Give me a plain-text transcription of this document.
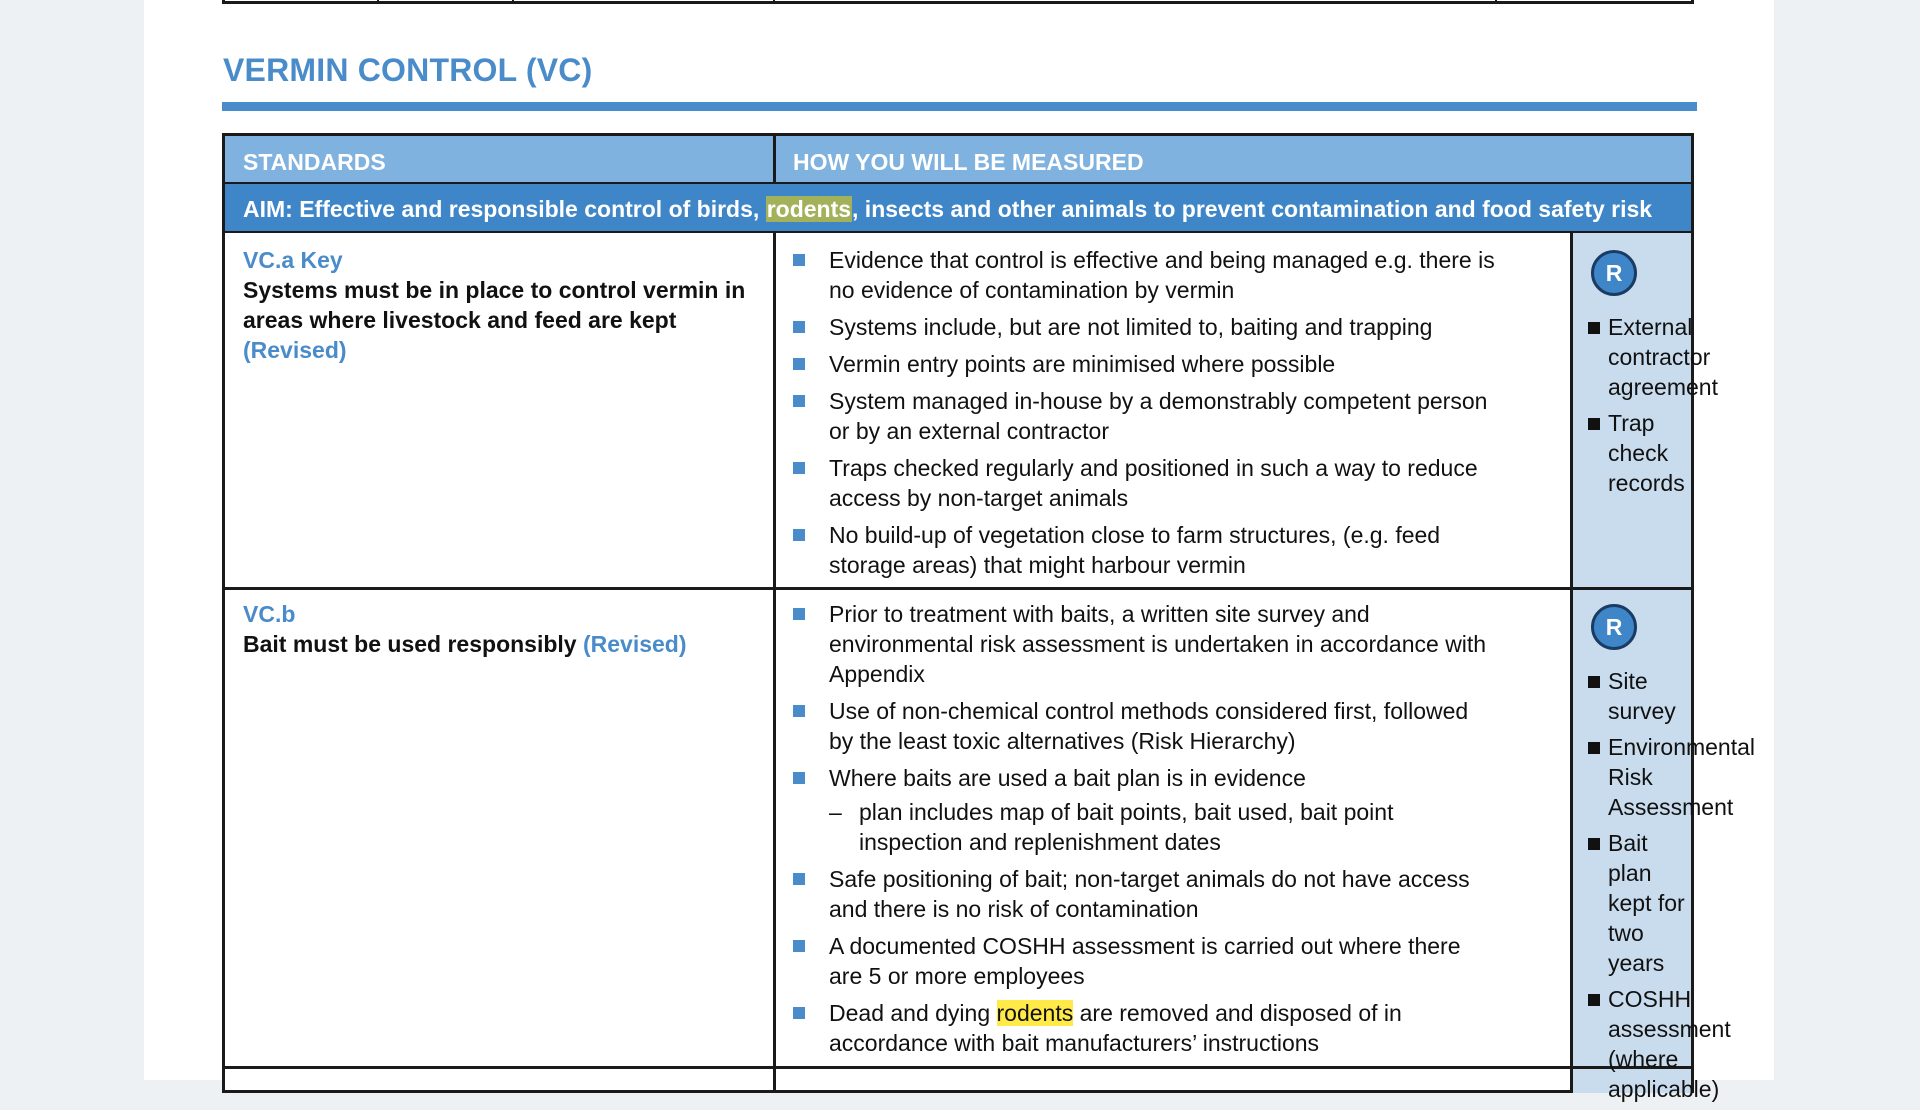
VERMIN CONTROL (VC)
STANDARDS	HOW YOU WILL BE MEASURED
AIM: Effective and responsible control of birds, rodents, insects and other animals to prevent contamination and food safety risk
VC.a Key
Systems must be in place to control vermin in areas where livestock and feed are kept
(Revised)
Evidence that control is effective and being managed e.g. there is no evidence of contamination by vermin
Systems include, but are not limited to, baiting and trapping
Vermin entry points are minimised where possible
System managed in-house by a demonstrably competent person or by an external contractor
Traps checked regularly and positioned in such a way to reduce access by non-target animals
No build-up of vegetation close to farm structures, (e.g. feed storage areas) that might harbour vermin
R
External contractor agreement
Trap check records
VC.b
Bait must be used responsibly (Revised)
Prior to treatment with baits, a written site survey and environmental risk assessment is undertaken in accordance with Appendix
Use of non-chemical control methods considered first, followed by the least toxic alternatives (Risk Hierarchy)
Where baits are used a bait plan is in evidence
– plan includes map of bait points, bait used, bait point inspection and replenishment dates
Safe positioning of bait; non-target animals do not have access and there is no risk of contamination
A documented COSHH assessment is carried out where there are 5 or more employees
Dead and dying rodents are removed and disposed of in accordance with bait manufacturers’ instructions
R
Site survey
Environmental Risk Assessment
Bait plan kept for two years
COSHH assessment (where applicable)
